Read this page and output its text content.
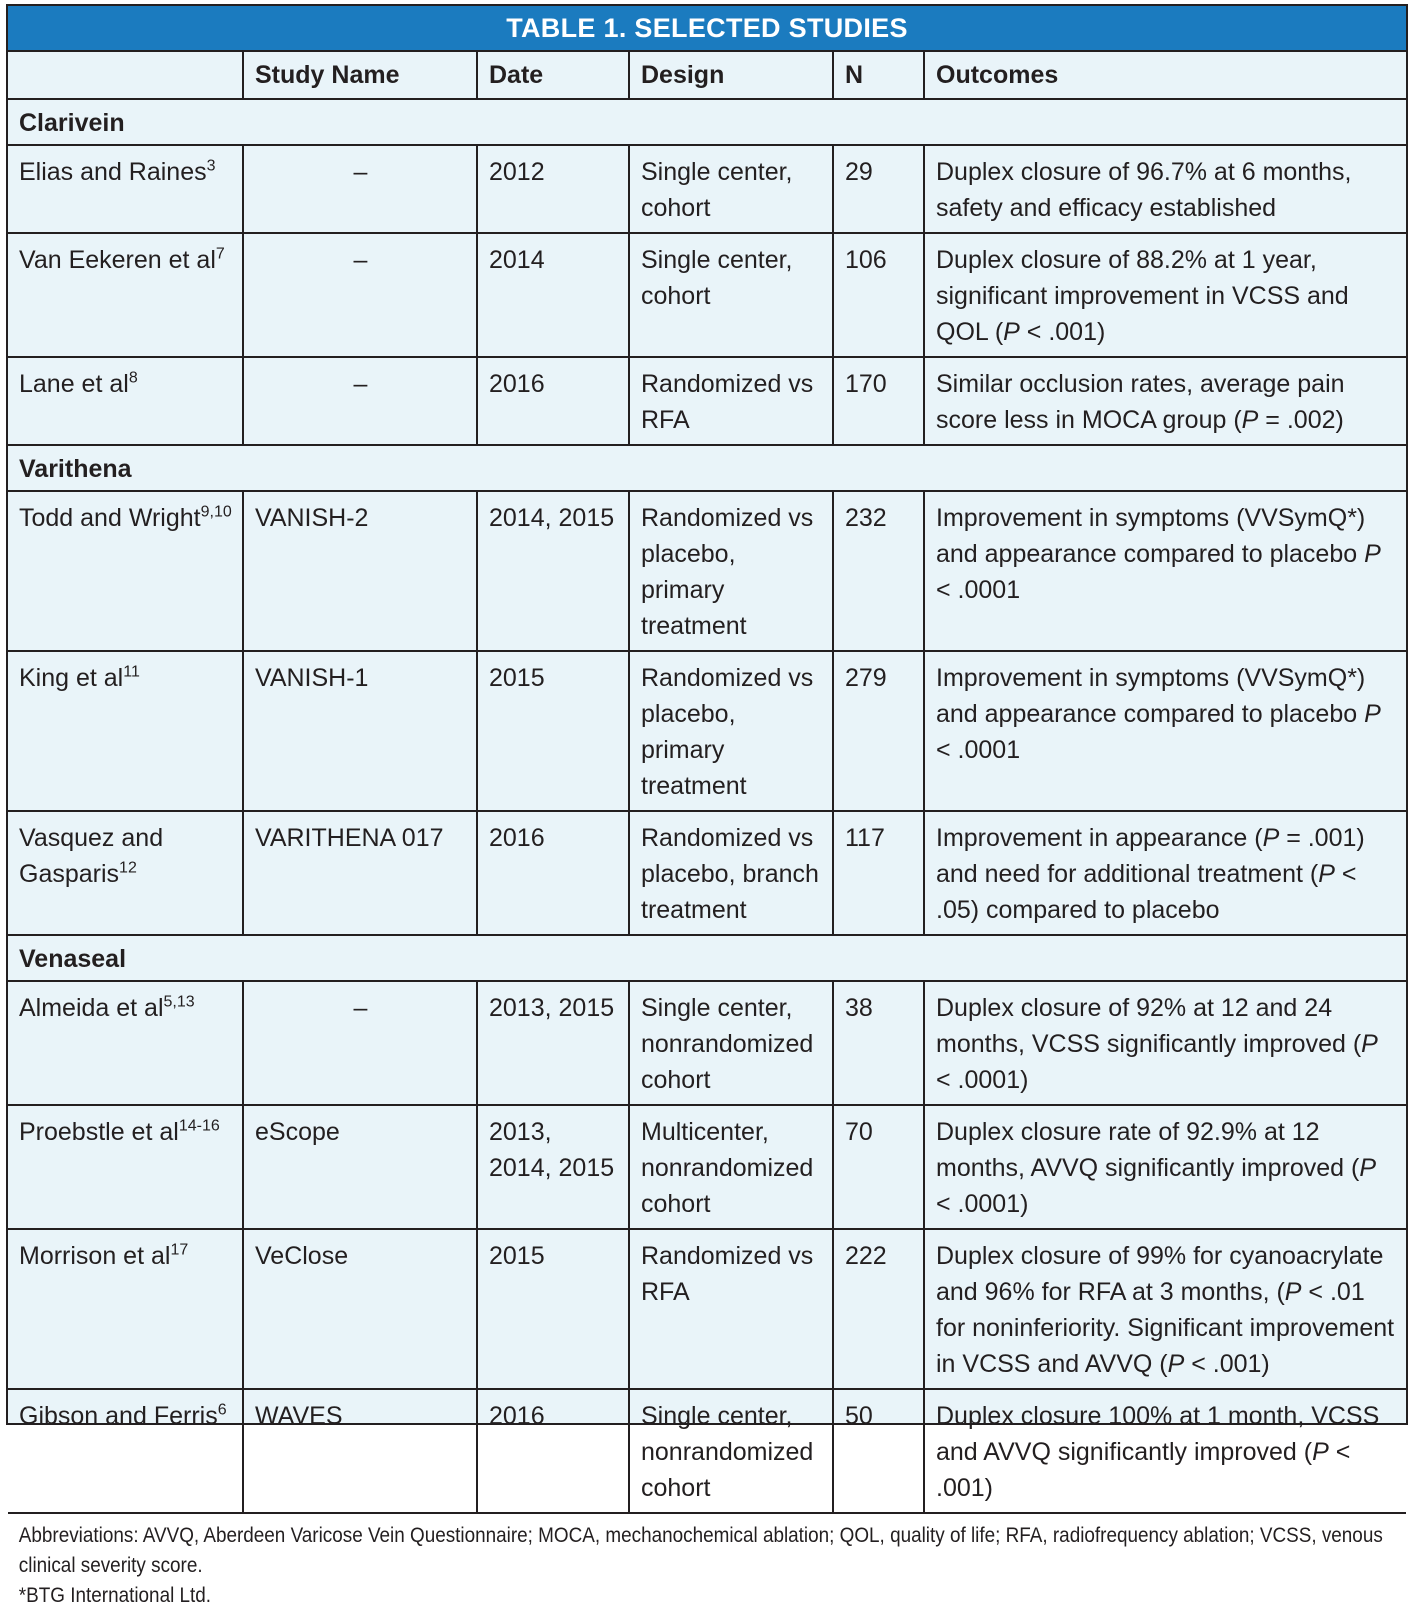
TABLE 1. SELECTED STUDIES
	Study Name	Date	Design	N	Outcomes
Clarivein					
Elias and Raines$^3$	–	2012	Single center, cohort	29	Duplex closure of 96.7% at 6 months, safety and efficacy established
Van Eekeren et $al^7$	–	2014	Single center, cohort	106	Duplex closure of 88.2% at 1 year, significant improvement in VCSS and QOL (P < .001)
Lane et $al^8$	–	2016	Randomized vs RFA	170	Similar occlusion rates, average pain score less in MOCA group (P = .002)
Varithena					
Todd and Wright$^{9,10}$	VANISH-2	2014, 2015	Randomized vs placebo, primary treatment	232	Improvement in symptoms (VVSymQ*) and appearance compared to placebo P < .0001
King et $al^{11}$	VANISH-1	2015	Randomized vs placebo, primary treatment	279	Improvement in symptoms (VVSymQ*) and appearance compared to placebo P < .0001
Vasquez and Gasparis$^{12}$	VARITHENA 017	2016	Randomized vs placebo, branch treatment	117	Improvement in appearance (P = .001) and need for additional treatment (P < .05) compared to placebo
Venaseal					
Almeida et al$^{5,13}$	–	2013, 2015	Single center, nonrandomized cohort	38	Duplex closure of 92% at 12 and 24 months, VCSS significantly improved (P < .0001)
Proebstle et $al^{14-16}$	eScope	2013, 2014, 2015	Multicenter, nonrandomized cohort	70	Duplex closure rate of 92.9% at 12 months, AVVQ significantly improved (P < .0001)
Morrison et $al^{17}$	VeClose	2015	Randomized vs RFA	222	Duplex closure of 99% for cyanoacrylate and 96% for RFA at 3 months, (P < .01 for noninferiority. Significant improvement in VCSS and AVVQ (P < .001)
Gibson and Ferris$^6$	WAVES	2016	Single center, nonrandomized cohort	50	Duplex closure 100% at 1 month, VCSS and AVVQ significantly improved (P < .001)
Abbreviations: AVVQ, Aberdeen Varicose Vein Questionnaire; MOCA, mechanochemical ablation; QOL, quality of life; RFA, radiofrequency ablation; VCSS, venous clinical severity score.
*BTG International Ltd.
